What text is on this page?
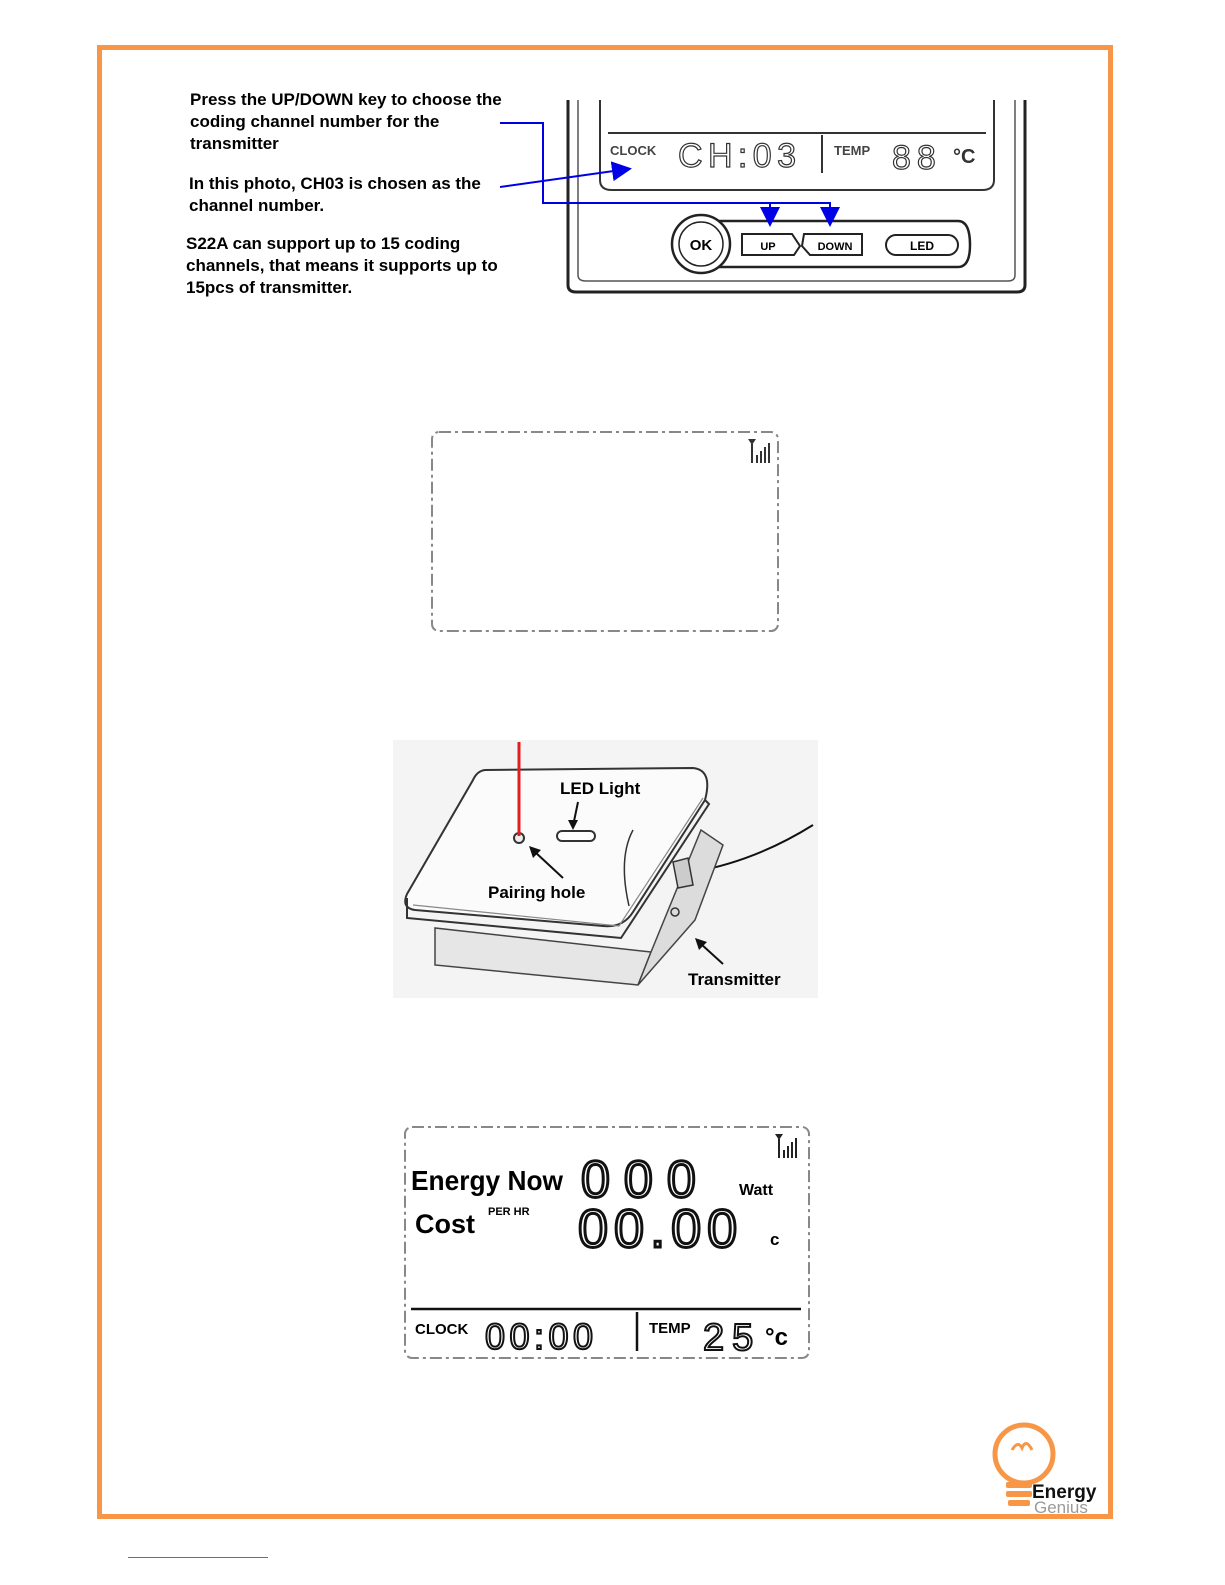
Press the UP/DOWN key to choose the coding channel number for the transmitter

In this photo, CH03 is chosen as the channel number.

S22A can support up to 15 coding channels, that means it supports up to 15pcs of transmitter.

CLOCK CH:03	TEMP 88 °C
OK	UP	DOWN	LED
LED Light
Pairing hole
Transmitter
Energy Now 000 Watt
Cost PER HR 00.00 c
CLOCK 00:00	TEMP 25 °c
Energy
Genius
